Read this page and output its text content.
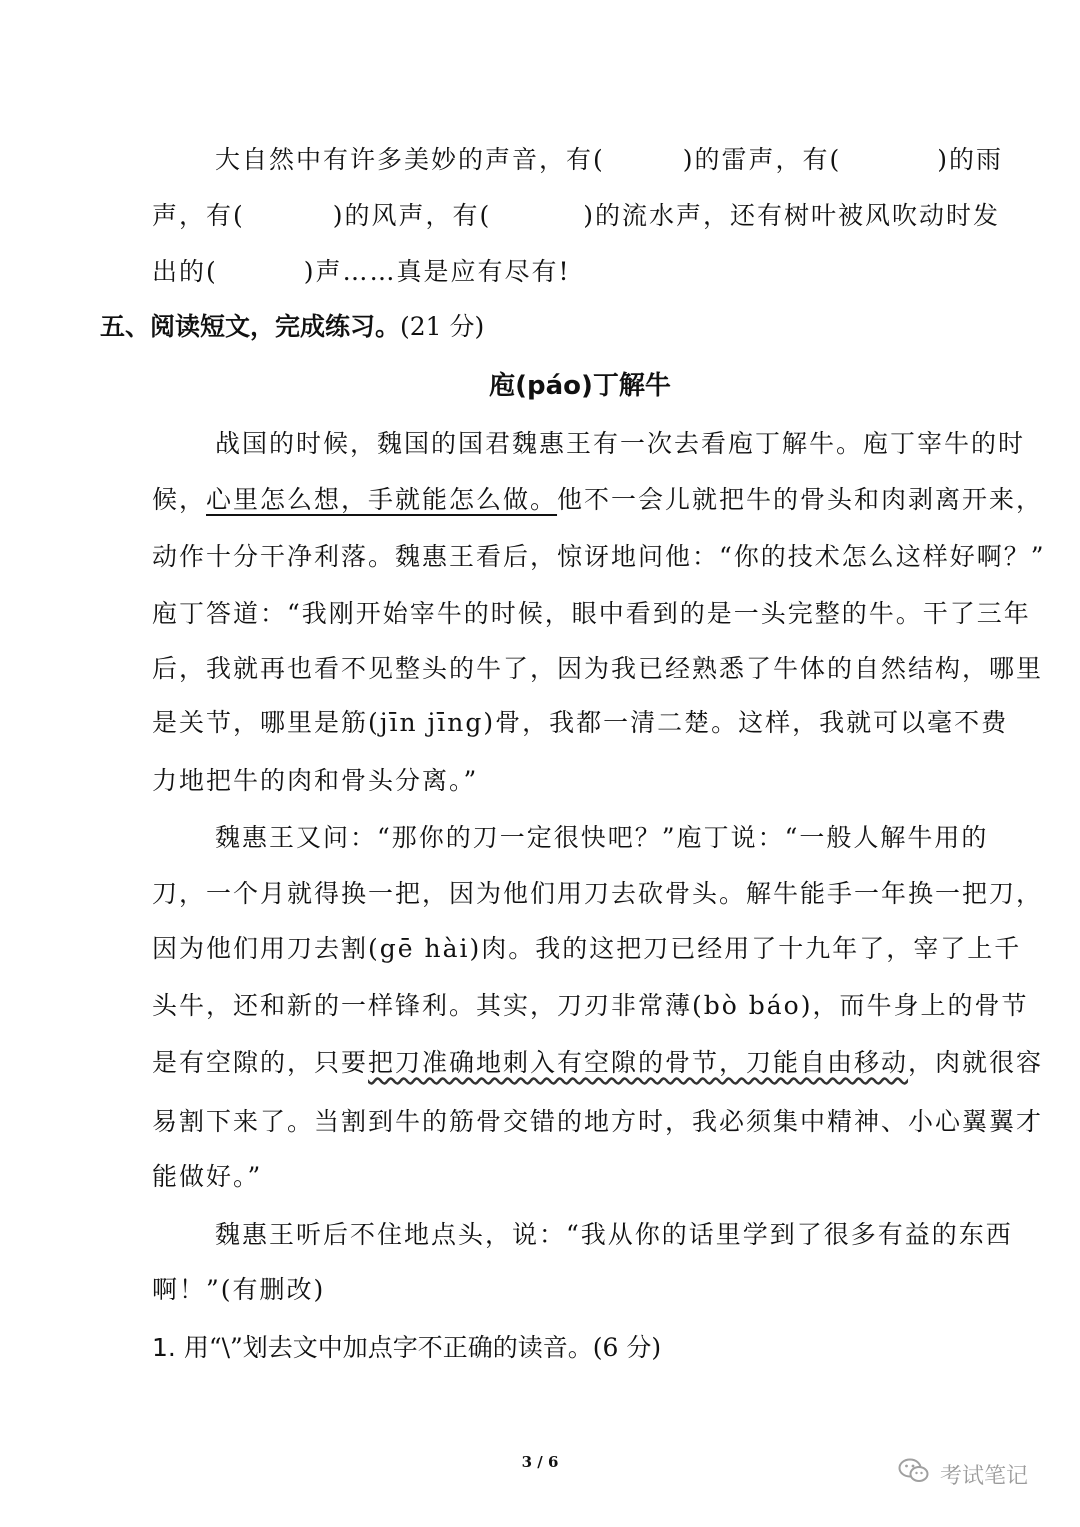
大自然中有许多美妙的声音，有(	)的雷声，有(	)的雨
声，有(	)的风声，有(	)的流水声，还有树叶被风吹动时发
出的(	)声……真是应有尽有!
五、阅读短文，完成练习。(21 分)
庖(páo)丁解牛
战国的时候，魏国的国君魏惠王有一次去看庖丁解牛。庖丁宰牛的时
候，心里怎么想，手就能怎么做。他不一会儿就把牛的骨头和肉剥离开来，
动作十分干净利落。魏惠王看后，惊讶地问他：“你的技术怎么这样好啊？”
庖丁答道：“我刚开始宰牛的时候，眼中看到的是一头完整的牛。干了三年
后，我就再也看不见整头的牛了，因为我已经熟悉了牛体的自然结构，哪里
是关节，哪里是筋(jīn jīng)骨，我都一清二楚。这样，我就可以毫不费
力地把牛的肉和骨头分离。”
魏惠王又问：“那你的刀一定很快吧？”庖丁说：“一般人解牛用的
刀，一个月就得换一把，因为他们用刀去砍骨头。解牛能手一年换一把刀，
因为他们用刀去割(gē hài)肉。我的这把刀已经用了十九年了，宰了上千
头牛，还和新的一样锋利。其实，刀刃非常薄(bò báo)，而牛身上的骨节
是有空隙的，只要把刀准确地刺入有空隙的骨节，刀能自由移动，肉就很容
易割下来了。当割到牛的筋骨交错的地方时，我必须集中精神、小心翼翼才
能做好。”
魏惠王听后不住地点头，说：“我从你的话里学到了很多有益的东西
啊！”(有删改)
1. 用“\”划去文中加点字不正确的读音。(6 分)
3 / 6
考试笔记
